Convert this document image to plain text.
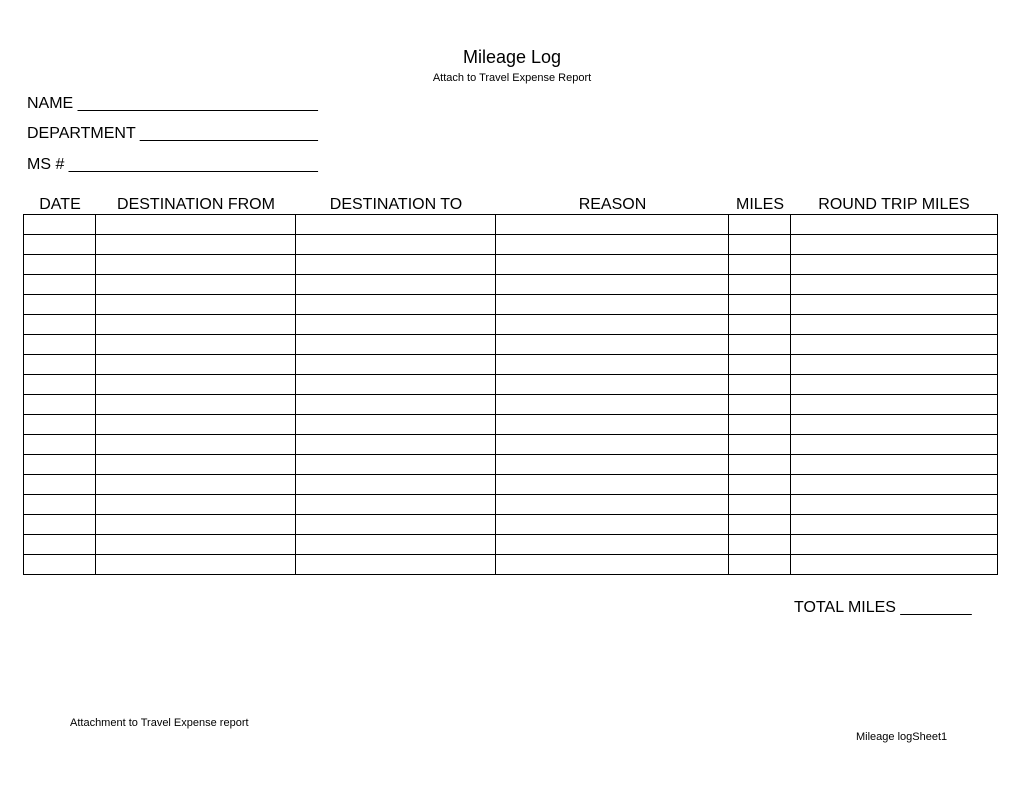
Mileage Log
Attach to Travel Expense Report
NAME ___________________________
DEPARTMENT ____________________
MS # ____________________________
DATE	DESTINATION FROM	DESTINATION TO	REASON	MILES	ROUND TRIP MILES

TOTAL MILES ________
Attachment to Travel Expense report
Mileage logSheet1
